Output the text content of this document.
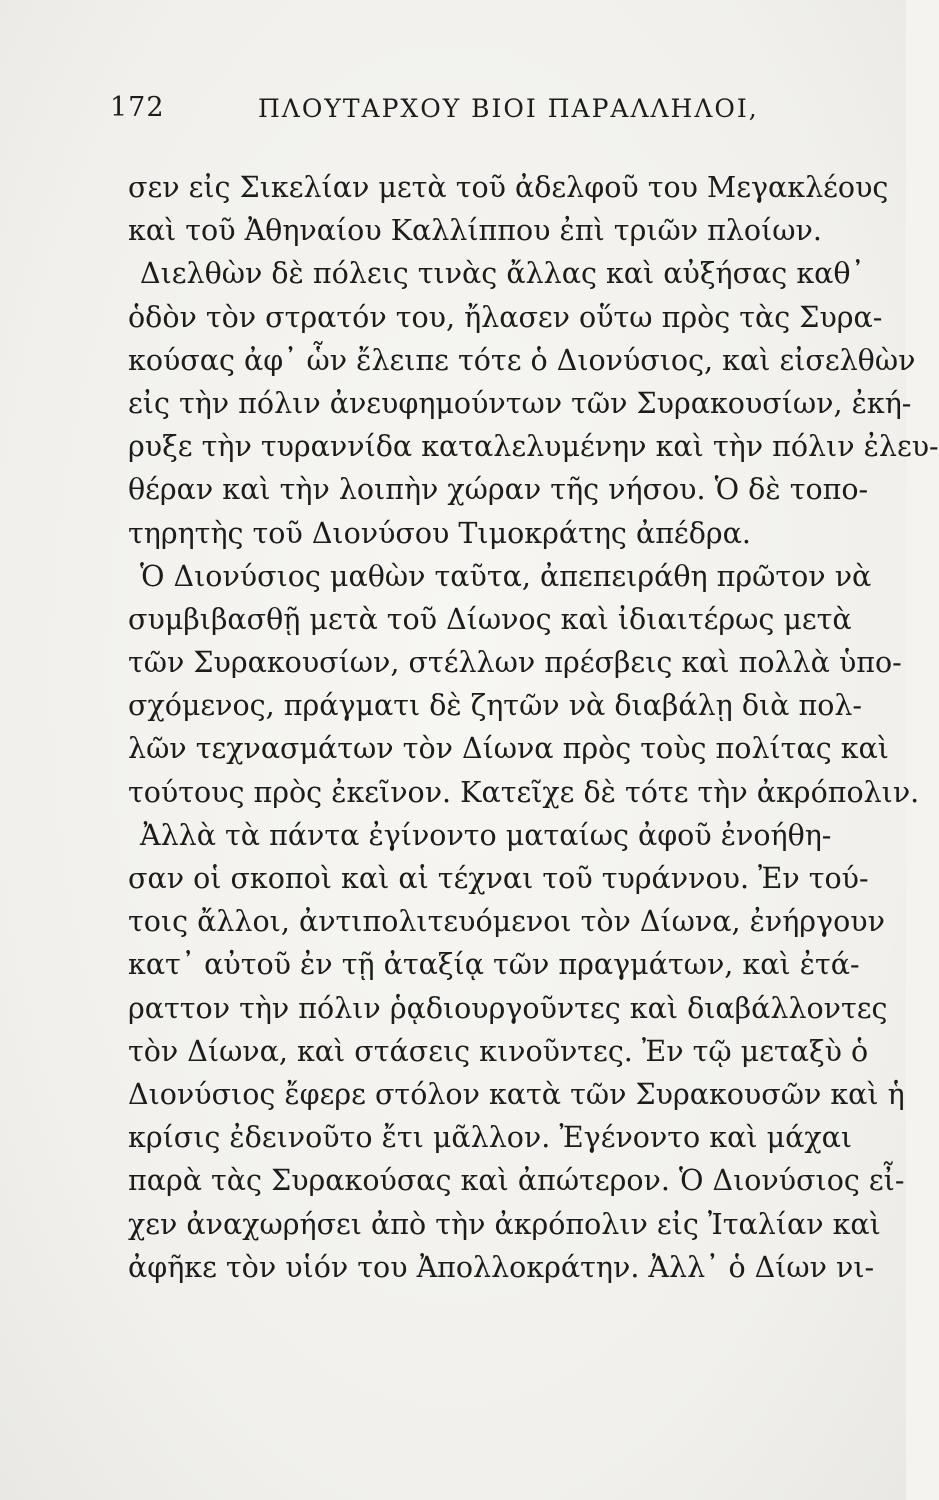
172	ΠΛΟΥΤΑΡΧΟΥ ΒΙΟΙ ΠΑΡΑΛΛΗΛΟΙ,
σεν εἰς Σικελίαν μετὰ τοῦ ἀδελφοῦ του Μεγακλέους
καὶ τοῦ Ἀθηναίου Καλλίππου ἐπὶ τριῶν πλοίων.
Διελθὼν δὲ πόλεις τινὰς ἄλλας καὶ αὐξήσας καθ᾽
ὁδὸν τὸν στρατόν του, ἤλασεν οὕτω πρὸς τὰς Συρα-
κούσας ἀφ᾽ ὧν ἔλειπε τότε ὁ Διονύσιος, καὶ εἰσελθὼν
εἰς τὴν πόλιν ἀνευφημούντων τῶν Συρακουσίων, ἐκή-
ρυξε τὴν τυραννίδα καταλελυμένην καὶ τὴν πόλιν ἐλευ-
θέραν καὶ τὴν λοιπὴν χώραν τῆς νήσου. Ὁ δὲ τοπο-
τηρητὴς τοῦ Διονύσου Τιμοκράτης ἀπέδρα.
Ὁ Διονύσιος μαθὼν ταῦτα, ἀπεπειράθη πρῶτον νὰ
συμβιβασθῇ μετὰ τοῦ Δίωνος καὶ ἰδιαιτέρως μετὰ
τῶν Συρακουσίων, στέλλων πρέσβεις καὶ πολλὰ ὑπο-
σχόμενος, πράγματι δὲ ζητῶν νὰ διαβάλῃ διὰ πολ-
λῶν τεχνασμάτων τὸν Δίωνα πρὸς τοὺς πολίτας καὶ
τούτους πρὸς ἐκεῖνον. Κατεῖχε δὲ τότε τὴν ἀκρόπολιν.
Ἀλλὰ τὰ πάντα ἐγίνοντο ματαίως ἀφοῦ ἐνοήθη-
σαν οἱ σκοποὶ καὶ αἱ τέχναι τοῦ τυράννου. Ἐν τού-
τοις ἄλλοι, ἀντιπολιτευόμενοι τὸν Δίωνα, ἐνήργουν
κατ᾽ αὐτοῦ ἐν τῇ ἀταξίᾳ τῶν πραγμάτων, καὶ ἐτά-
ραττον τὴν πόλιν ῥᾳδιουργοῦντες καὶ διαβάλλοντες
τὸν Δίωνα, καὶ στάσεις κινοῦντες. Ἐν τῷ μεταξὺ ὁ
Διονύσιος ἔφερε στόλον κατὰ τῶν Συρακουσῶν καὶ ἡ
κρίσις ἐδεινοῦτο ἔτι μᾶλλον. Ἐγένοντο καὶ μάχαι
παρὰ τὰς Συρακούσας καὶ ἀπώτερον. Ὁ Διονύσιος εἶ-
χεν ἀναχωρήσει ἀπὸ τὴν ἀκρόπολιν εἰς Ἰταλίαν καὶ
ἀφῆκε τὸν υἱόν του Ἀπολλοκράτην. Ἀλλ᾽ ὁ Δίων νι-
